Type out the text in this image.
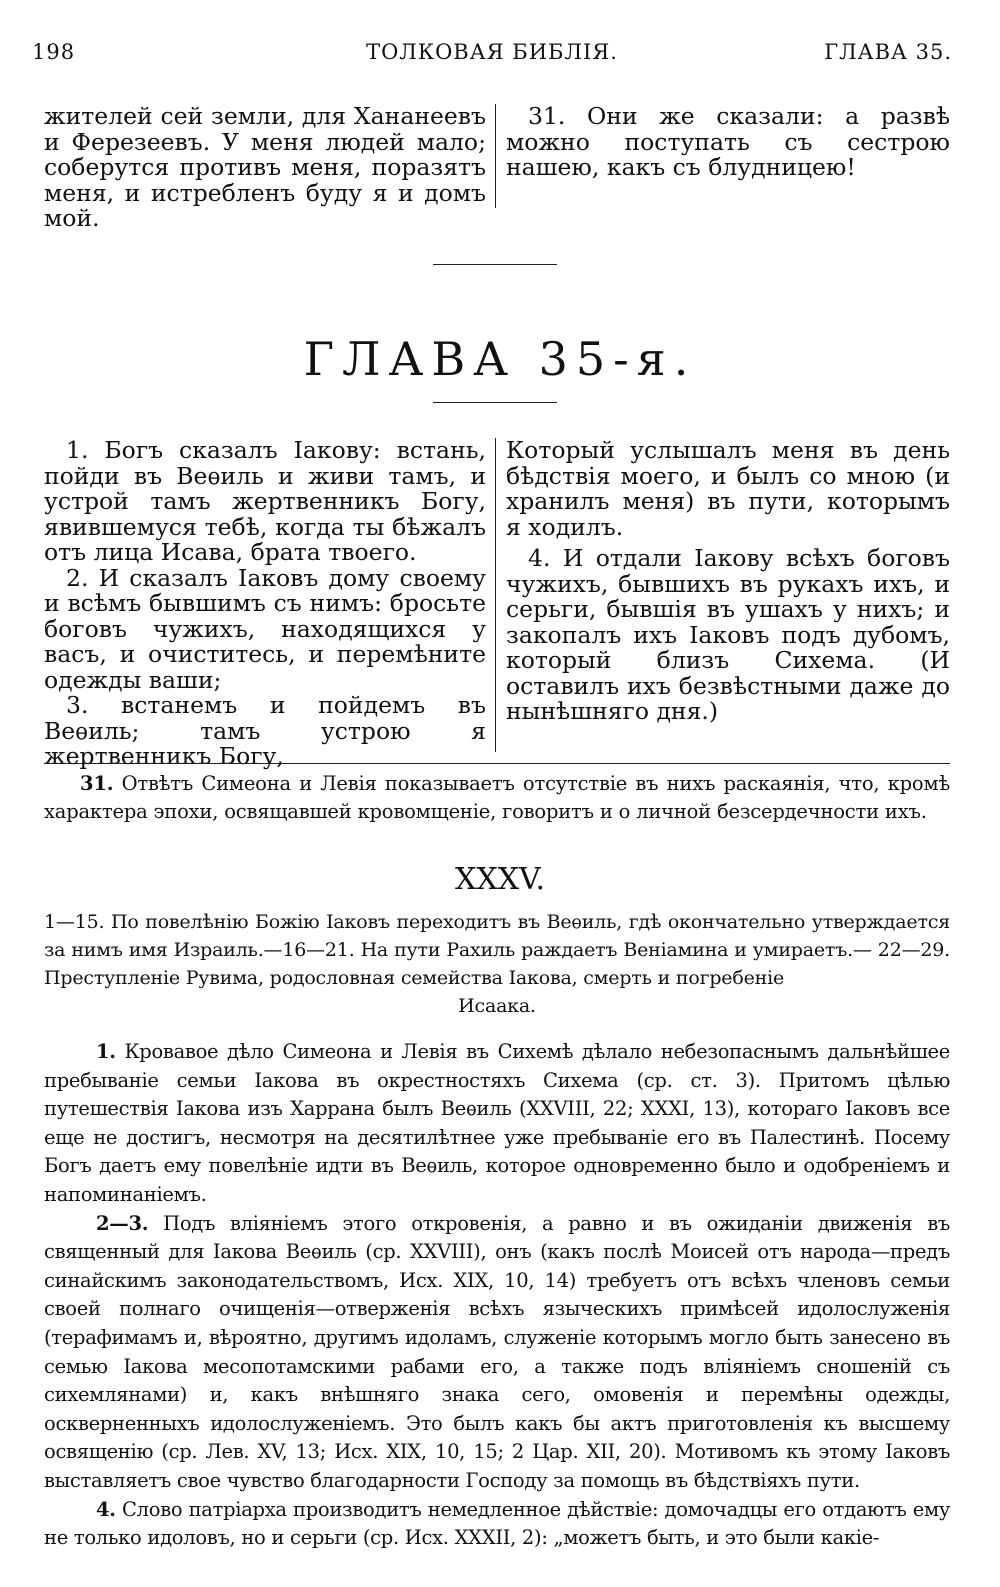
198	ТОЛКОВАЯ БИБЛIЯ.	ГЛАВА 35.

жителей сей земли, для Хананеевъ и Ферезеевъ. У меня людей мало; соберутся противъ меня, поразятъ меня, и истребленъ буду я и домъ мой.

31. Они же сказали: а развѣ можно поступать съ сестрою нашею, какъ съ блудницею!

ГЛАВА 35-я.

1. Богъ сказалъ Iакову: встань, пойди въ Веѳиль и живи тамъ, и устрой тамъ жертвенникъ Богу, явившемуся тебѣ, когда ты бѣжалъ отъ лица Исава, брата твоего.

2. И сказалъ Iаковъ дому своему и всѣмъ бывшимъ съ нимъ: бросьте боговъ чужихъ, находящихся у васъ, и очиститесь, и перемѣните одежды ваши;

3. встанемъ и пойдемъ въ Веѳиль; тамъ устрою я жертвенникъ Богу,

Который услышалъ меня въ день бѣдствiя моего, и былъ со мною (и хранилъ меня) въ пути, которымъ я ходилъ.

4. И отдали Iакову всѣхъ боговъ чужихъ, бывшихъ въ рукахъ ихъ, и серьги, бывшiя въ ушахъ у нихъ; и закопалъ ихъ Iаковъ подъ дубомъ, который близъ Сихема. (И оставилъ ихъ безвѣстными даже до нынѣшняго дня.)

31. Отвѣтъ Симеона и Левiя показываетъ отсутствiе въ нихъ раскаянiя, что, кромѣ характера эпохи, освящавшей кровомщенiе, говоритъ и о личной безсердечности ихъ.
XXXV.
1—15. По повелѣнiю Божiю Iаковъ переходитъ въ Веѳиль, гдѣ окончательно утверждается за нимъ имя Израиль.—16—21. На пути Рахиль раждаетъ Венiамина и умираетъ.— 22—29. Преступленiе Рувима, родословная семейства Iакова, смерть и погребенiе
Исаака.

1. Кровавое дѣло Симеона и Левiя въ Сихемѣ дѣлало небезопаснымъ дальнѣйшее пребыванiе семьи Iакова въ окрестностяхъ Сихема (ср. ст. 3). Притомъ цѣлью путешествiя Iакова изъ Харрана былъ Веѳиль (XXVIII, 22; XXXI, 13), котораго Iаковъ все еще не достигъ, несмотря на десятилѣтнее уже пребыванiе его въ Палестинѣ. Посему Богъ даетъ ему повелѣнiе идти въ Веѳиль, которое одновременно было и одобренiемъ и напоминанiемъ.

2—3. Подъ влiянiемъ этого откровенiя, а равно и въ ожиданiи движенiя въ священный для Iакова Веѳиль (ср. XXVIII), онъ (какъ послѣ Моисей отъ народа—предъ синайскимъ законодательствомъ, Исх. XIX, 10, 14) требуетъ отъ всѣхъ членовъ семьи своей полнаго очищенiя—отверженiя всѣхъ языческихъ примѣсей идолослуженiя (терафимамъ и, вѣроятно, другимъ идоламъ, служенiе которымъ могло быть занесено въ семью Iакова месопотамскими рабами его, а также подъ влiянiемъ сношенiй съ сихемлянами) и, какъ внѣшняго знака сего, омовенiя и перемѣны одежды, оскверненныхъ идолослуженiемъ. Это былъ какъ бы актъ приготовленiя къ высшему освященiю (ср. Лев. XV, 13; Исх. XIX, 10, 15; 2 Цар. XII, 20). Мотивомъ къ этому Iаковъ выставляетъ свое чувство благодарности Господу за помощь въ бѣдствiяхъ пути.

4. Слово патрiарха производитъ немедленное дѣйствiе: домочадцы его отдаютъ ему не только идоловъ, но и серьги (ср. Исх. XXXII, 2): „можетъ быть, и это были какiе-
